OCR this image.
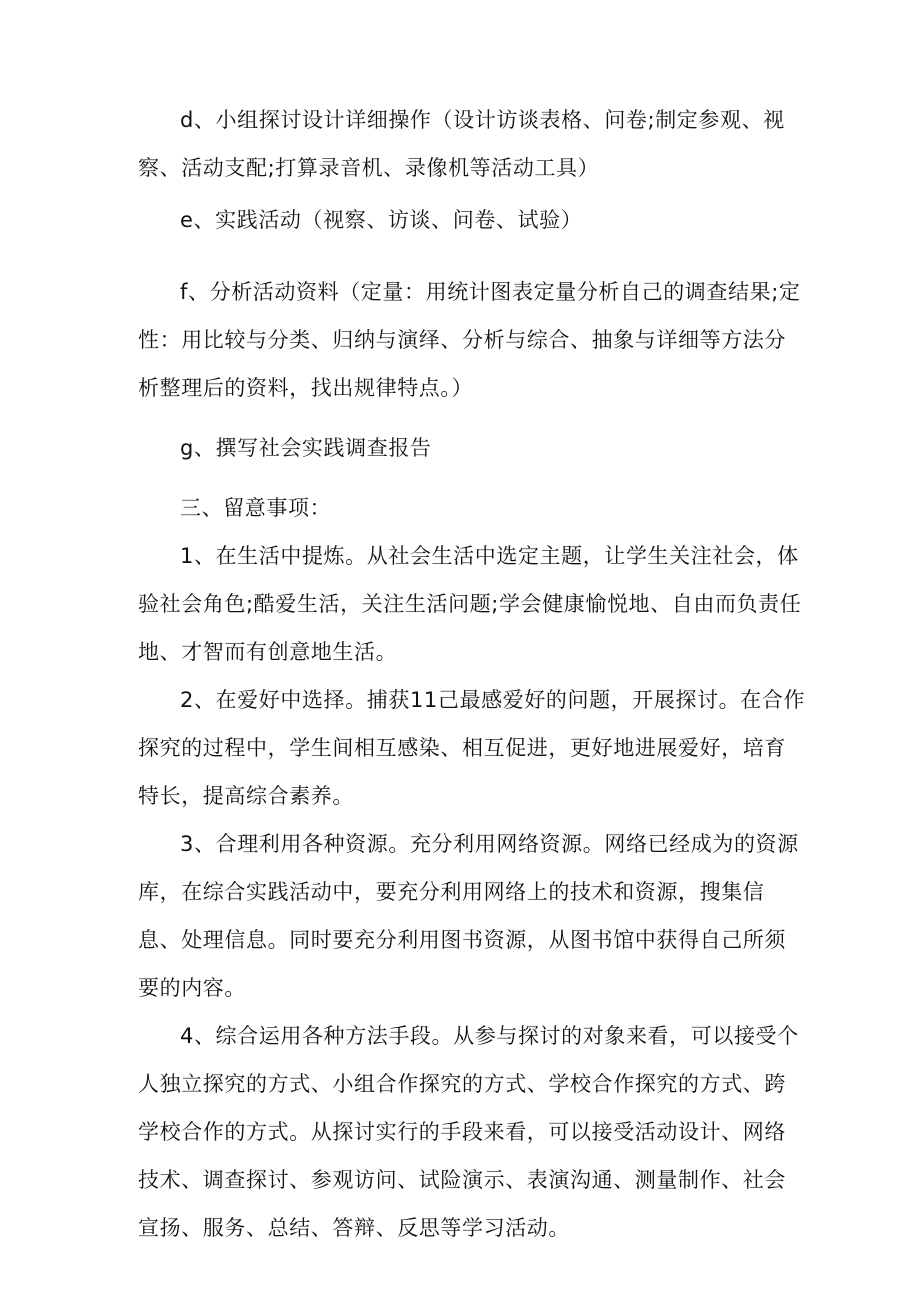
d、小组探讨设计详细操作（设计访谈表格、问卷;制定参观、视察、活动支配;打算录音机、录像机等活动工具）

e、实践活动（视察、访谈、问卷、试验）

f、分析活动资料（定量：用统计图表定量分析自己的调查结果;定性：用比较与分类、归纳与演绎、分析与综合、抽象与详细等方法分析整理后的资料，找出规律特点。）

g、撰写社会实践调查报告

三、留意事项：

1、在生活中提炼。从社会生活中选定主题，让学生关注社会，体验社会角色;酷爱生活，关注生活问题;学会健康愉悦地、自由而负责任地、才智而有创意地生活。

2、在爱好中选择。捕获11己最感爱好的问题，开展探讨。在合作探究的过程中，学生间相互感染、相互促进，更好地进展爱好，培育特长，提高综合素养。

3、合理利用各种资源。充分利用网络资源。网络已经成为的资源库，在综合实践活动中，要充分利用网络上的技术和资源，搜集信息、处理信息。同时要充分利用图书资源，从图书馆中获得自己所须要的内容。

4、综合运用各种方法手段。从参与探讨的对象来看，可以接受个人独立探究的方式、小组合作探究的方式、学校合作探究的方式、跨学校合作的方式。从探讨实行的手段来看，可以接受活动设计、网络技术、调查探讨、参观访问、试险演示、表演沟通、测量制作、社会宣扬、服务、总结、答辩、反思等学习活动。
